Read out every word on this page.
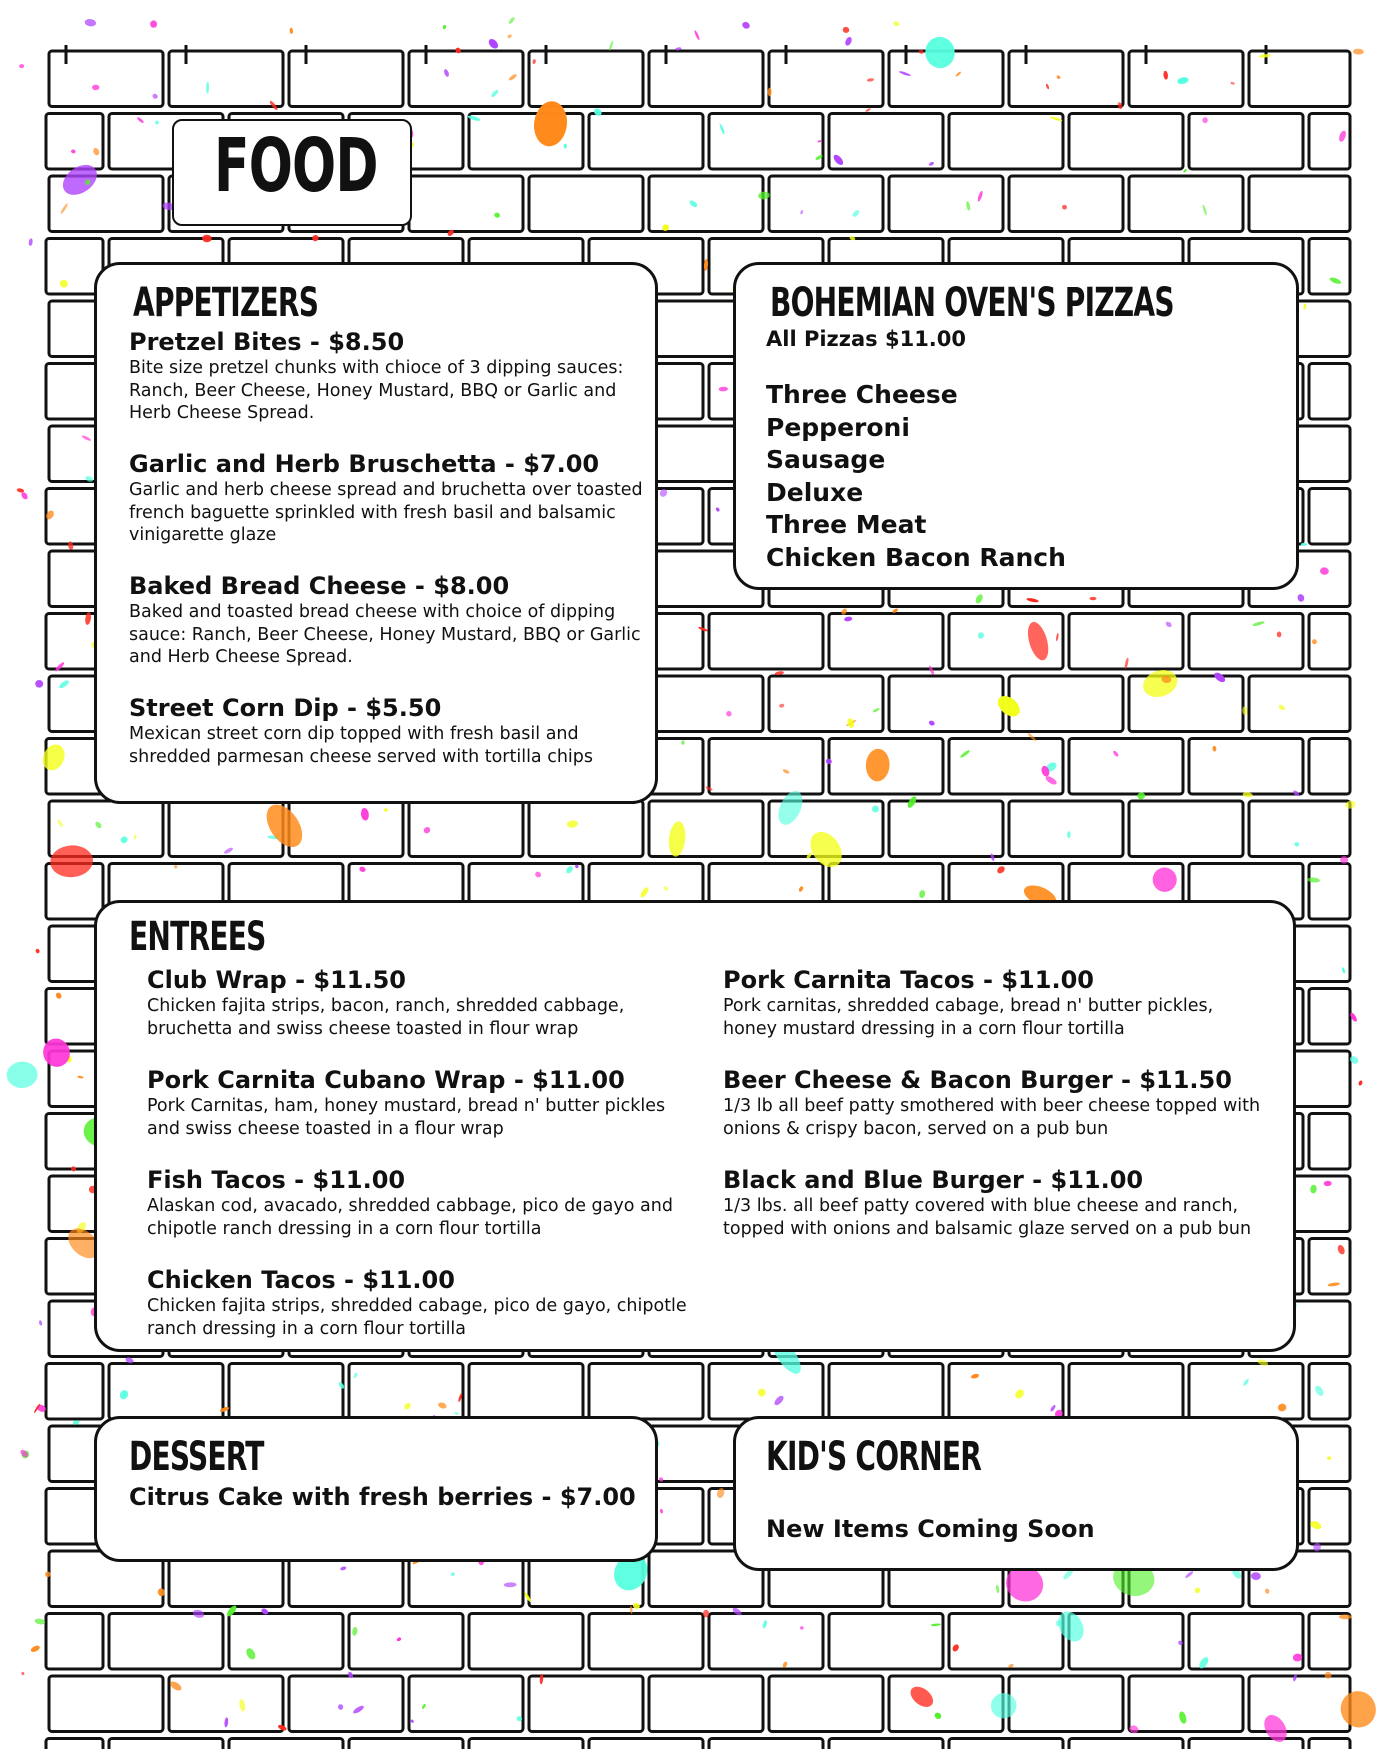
FOOD
APPETIZERS
Pretzel Bites - $8.50
Bite size pretzel chunks with chioce of 3 dipping sauces: Ranch, Beer Cheese, Honey Mustard, BBQ or Garlic and Herb Cheese Spread.
Garlic and Herb Bruschetta - $7.00
Garlic and herb cheese spread and bruchetta over toasted french baguette sprinkled with fresh basil and balsamic vinigarette glaze
Baked Bread Cheese - $8.00
Baked and toasted bread cheese with choice of dipping sauce: Ranch, Beer Cheese, Honey Mustard, BBQ or Garlic and Herb Cheese Spread.
Street Corn Dip - $5.50
Mexican street corn dip topped with fresh basil and shredded parmesan cheese served with tortilla chips
BOHEMIAN OVEN'S PIZZAS
All Pizzas $11.00
Three Cheese
Pepperoni
Sausage
Deluxe
Three Meat
Chicken Bacon Ranch
ENTREES
Club Wrap - $11.50
Chicken fajita strips, bacon, ranch, shredded cabbage, bruchetta and swiss cheese toasted in flour wrap
Pork Carnita Cubano Wrap - $11.00
Pork Carnitas, ham, honey mustard, bread n' butter pickles and swiss cheese toasted in a flour wrap
Fish Tacos - $11.00
Alaskan cod, avacado, shredded cabbage, pico de gayo and chipotle ranch dressing in a corn flour tortilla
Chicken Tacos - $11.00
Chicken fajita strips, shredded cabage, pico de gayo, chipotle ranch dressing in a corn flour tortilla
Pork Carnita Tacos - $11.00
Pork carnitas, shredded cabage, bread n' butter pickles, honey mustard dressing in a corn flour tortilla
Beer Cheese & Bacon Burger - $11.50
1/3 lb all beef patty smothered with beer cheese topped with onions & crispy bacon, served on a pub bun
Black and Blue Burger - $11.00
1/3 lbs. all beef patty covered with blue cheese and ranch, topped with onions and balsamic glaze served on a pub bun
DESSERT
Citrus Cake with fresh berries - $7.00
KID'S CORNER
New Items Coming Soon
